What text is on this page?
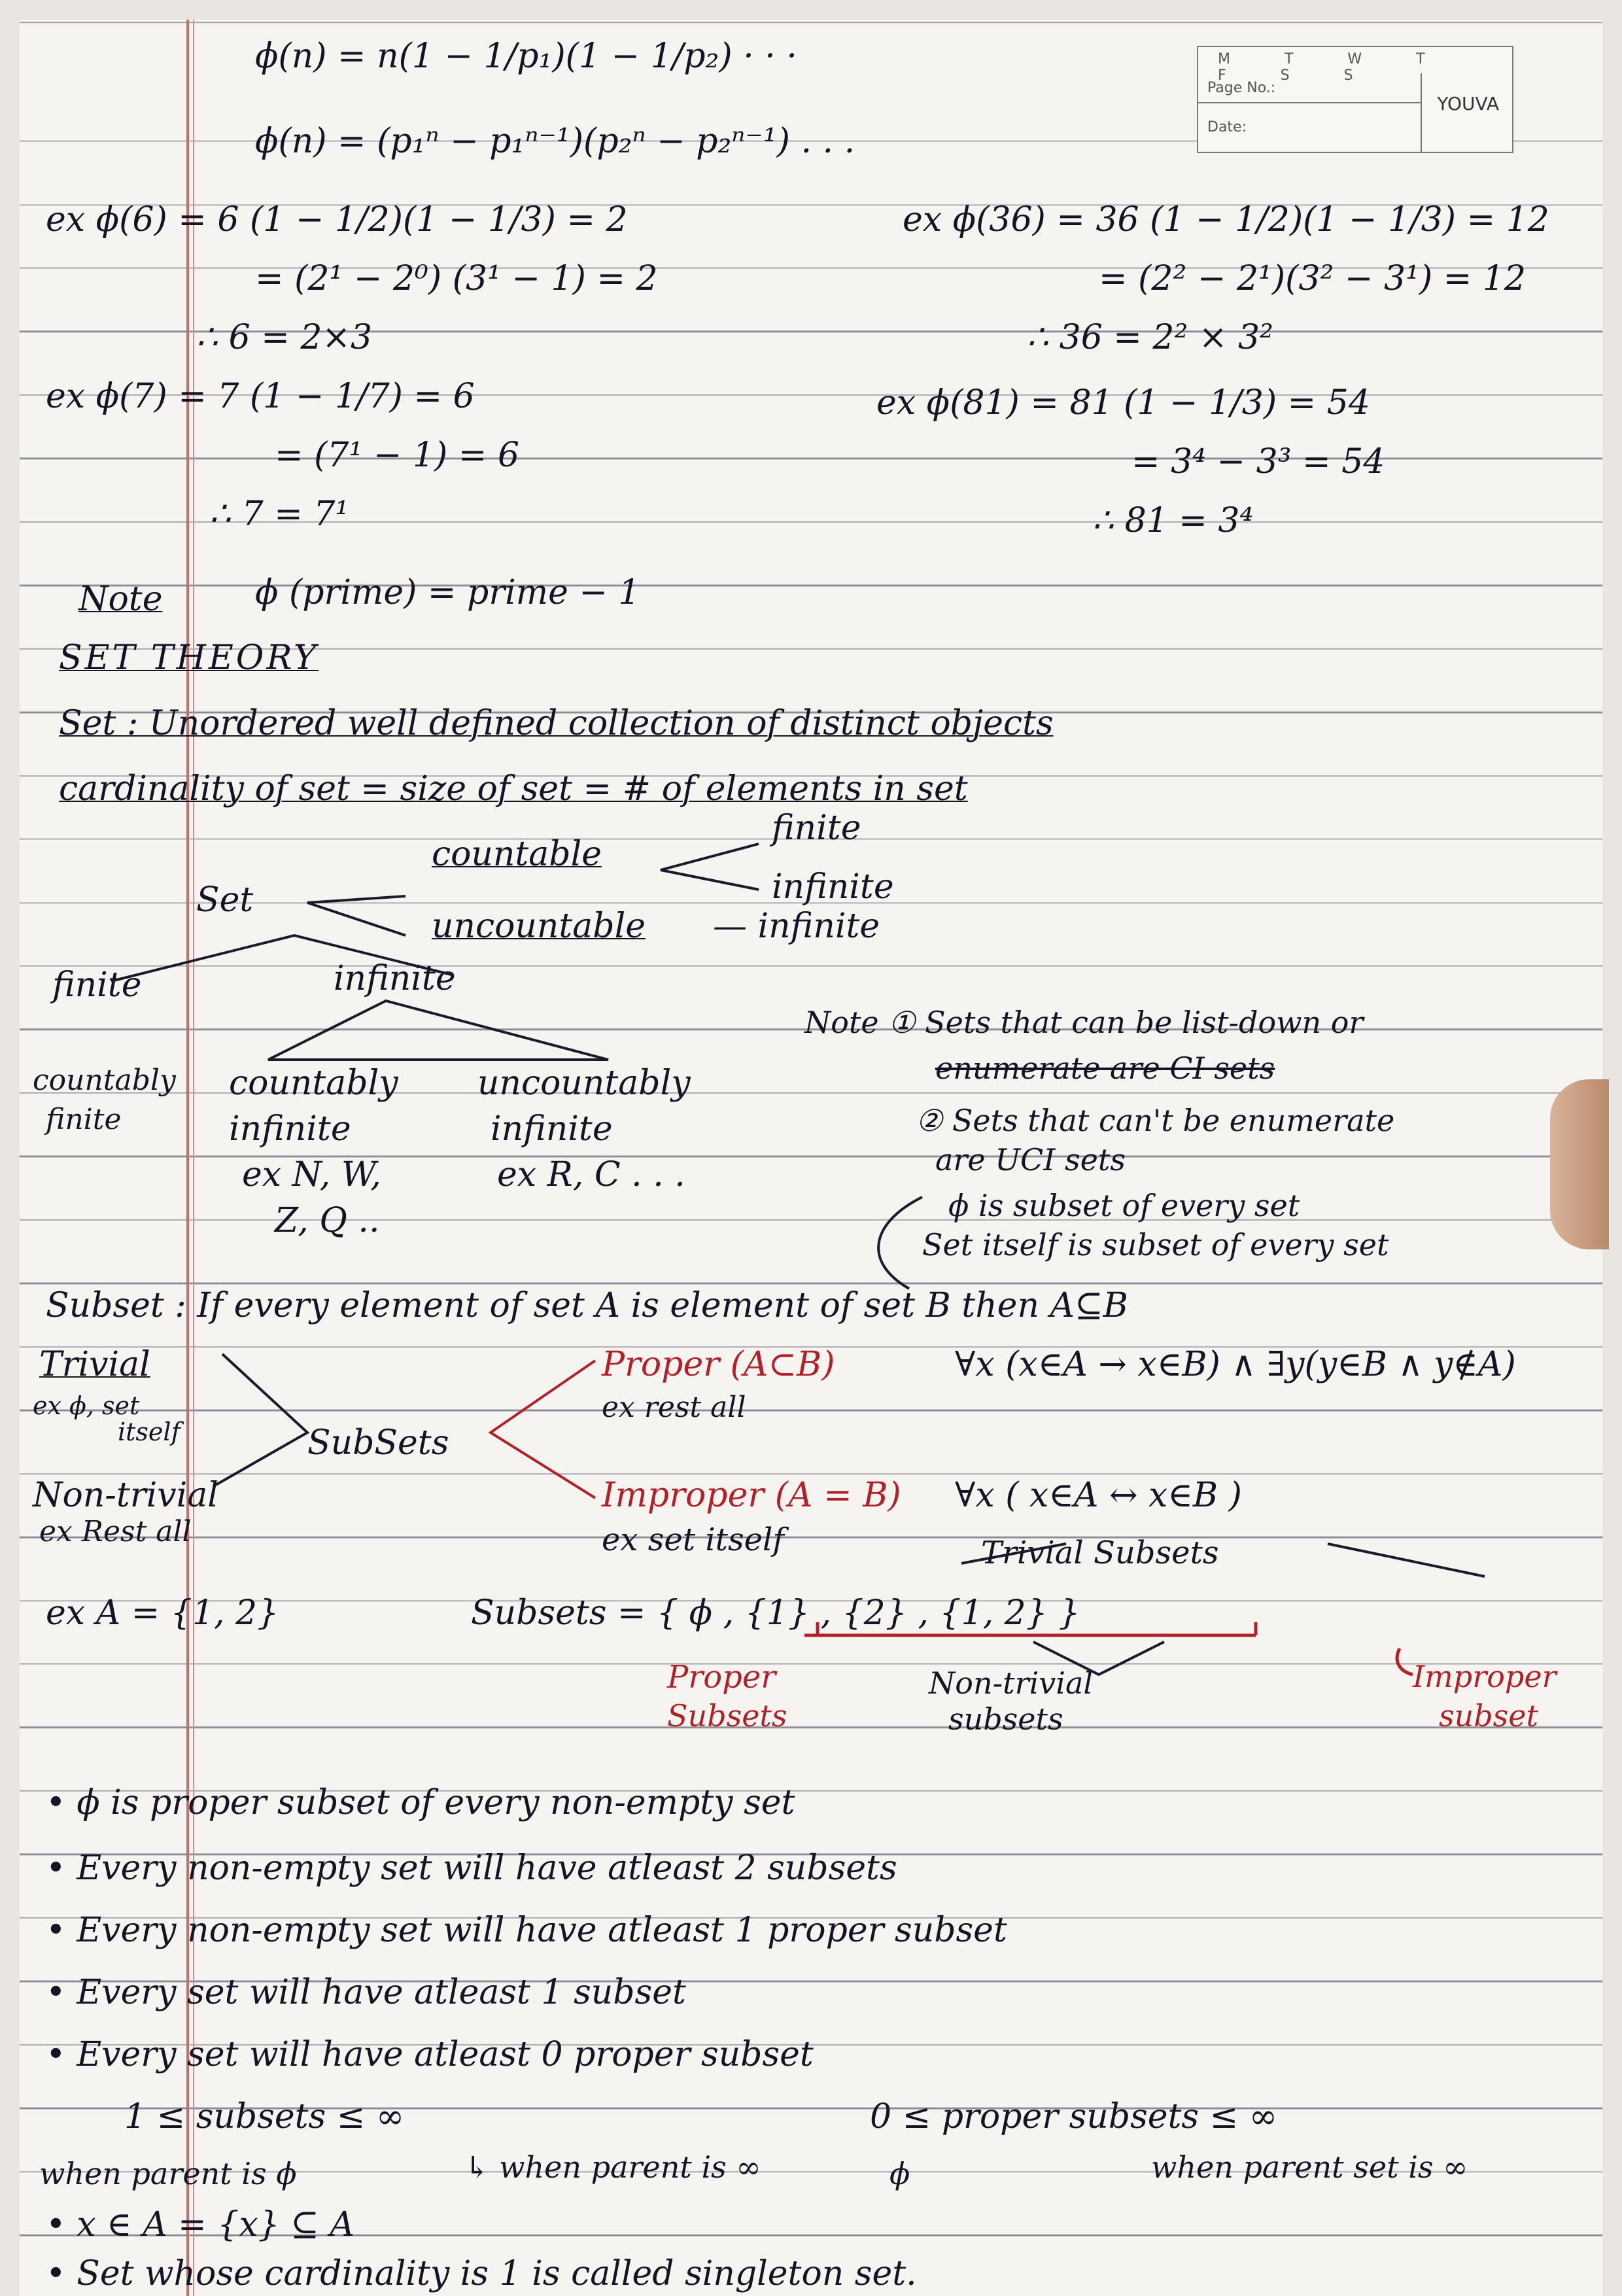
M T W T F S S
Page No.:
Date:
YOUVA
ϕ(n) = n(1 − 1/p₁)(1 − 1/p₂) · · ·
ϕ(n) = (p₁ⁿ − p₁ⁿ⁻¹)(p₂ⁿ − p₂ⁿ⁻¹) . . .
ex ϕ(6) = 6 (1 − 1/2)(1 − 1/3) = 2
= (2¹ − 2⁰) (3¹ − 1) = 2
∴ 6 = 2×3
ex ϕ(36) = 36 (1 − 1/2)(1 − 1/3) = 12
= (2² − 2¹)(3² − 3¹) = 12
∴ 36 = 2² × 3²
ex ϕ(7) = 7 (1 − 1/7) = 6
= (7¹ − 1) = 6
∴ 7 = 7¹
ex ϕ(81) = 81 (1 − 1/3) = 54
= 3⁴ − 3³ = 54
∴ 81 = 3⁴
Note	ϕ (prime) = prime − 1
SET THEORY
Set : Unordered well defined collection of distinct objects
cardinality of set = size of set = # of elements in set
Set
countable
uncountable
finite
infinite
— infinite
finite	infinite
countably
finite
countably
infinite
ex N, W,
Z, Q ..
uncountably
infinite
ex R, C . . .
Note ① Sets that can be list-down or
enumerate are CI sets
② Sets that can't be enumerate
are UCI sets
ϕ is subset of every set
Set itself is subset of every set
Subset : If every element of set A is element of set B then A⊆B
Trivial
ex ϕ, set
itself	SubSets
Non-trivial
ex Rest all
Proper (A⊂B)	∀x (x∈A → x∈B) ∧ ∃y(y∈B ∧ y∉A)
ex rest all
Improper (A = B) ∀x ( x∈A ↔ x∈B )
ex set itself	Trivial Subsets
ex A = {1, 2}	Subsets = { ϕ , {1} , {2} , {1, 2} }
Proper
Subsets
Non-trivial
subsets
Improper
subset
• ϕ is proper subset of every non-empty set
• Every non-empty set will have atleast 2 subsets
• Every non-empty set will have atleast 1 proper subset
• Every set will have atleast 1 subset
• Every set will have atleast 0 proper subset
1 ≤ subsets ≤ ∞	0 ≤ proper subsets ≤ ∞
when parent is ϕ	↳ when parent is ∞	ϕ	when parent set is ∞
• x ∈ A = {x} ⊆ A
• Set whose cardinality is 1 is called singleton set.
